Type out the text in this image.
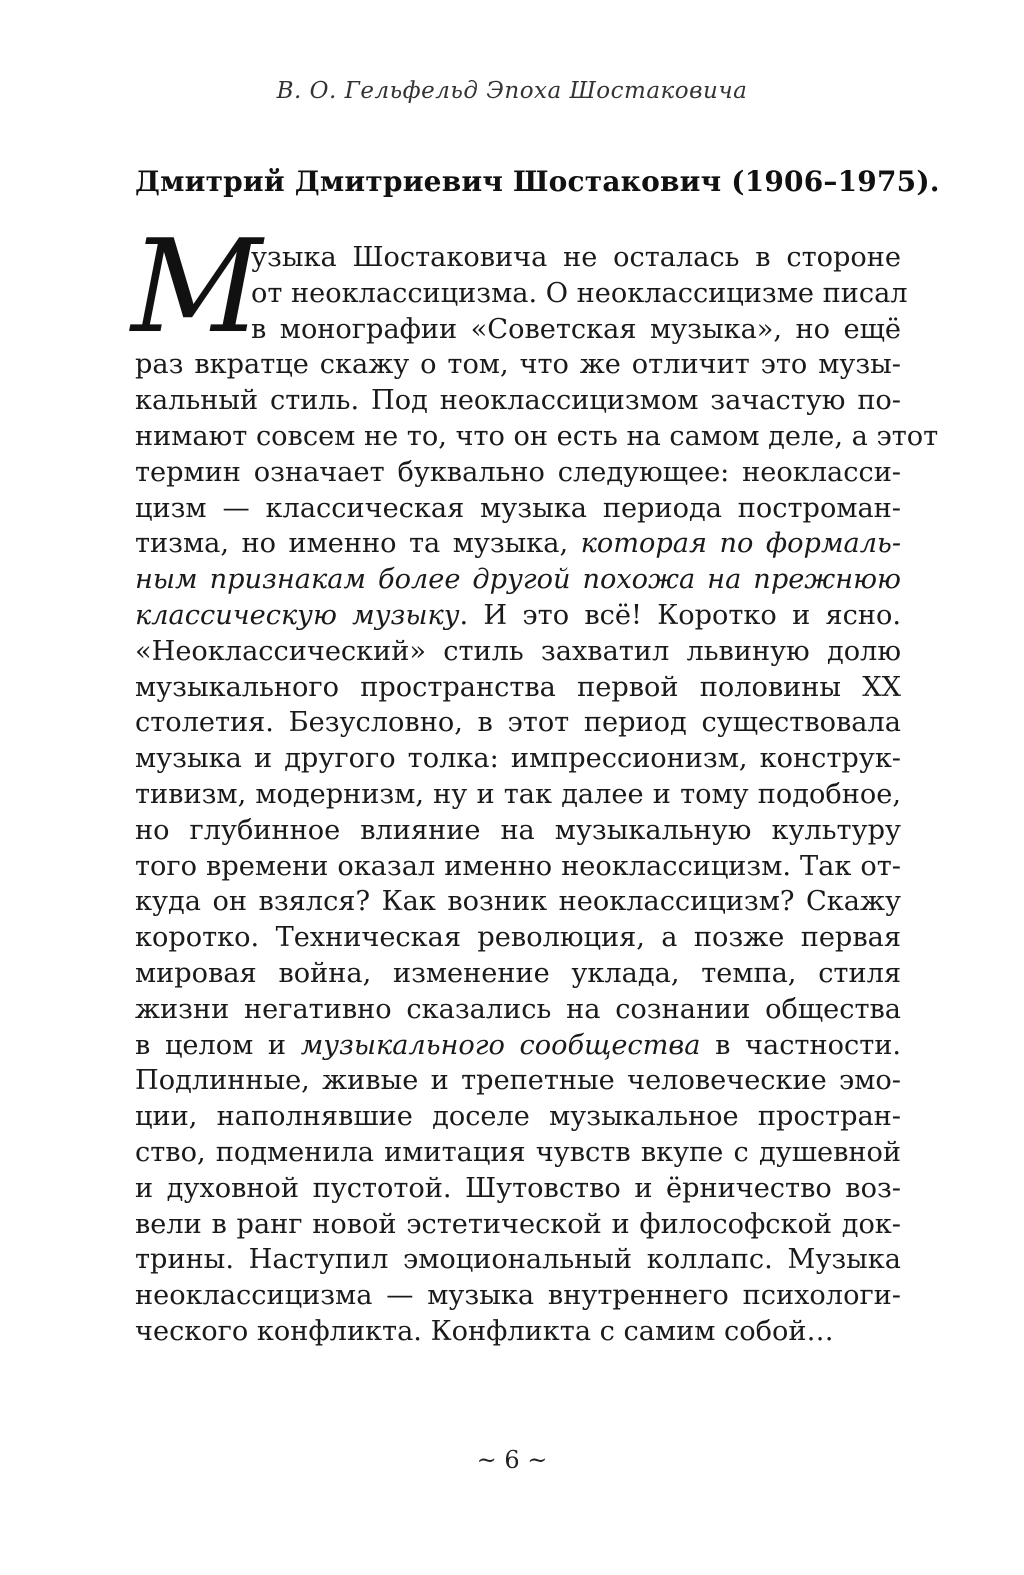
В. О. Гельфельд Эпоха Шостаковича
Дмитрий Дмитриевич Шостакович (1906–1975).
М
узыка Шостаковича не осталась в стороне
от неоклассицизма. О неоклассицизме писал
в монографии «Советская музыка», но ещё
раз вкратце скажу о том, что же отличит это музы-
кальный стиль. Под неоклассицизмом зачастую по-
нимают совсем не то, что он есть на самом деле, а этот
термин означает буквально следующее: неокласси-
цизм — классическая музыка периода построман-
тизма, но именно та музыка, которая по формаль-
ным признакам более другой похожа на прежнюю
классическую музыку. И это всё! Коротко и ясно.
«Неоклассический» стиль захватил львиную долю
музыкального пространства первой половины XX
столетия. Безусловно, в этот период существовала
музыка и другого толка: импрессионизм, конструк-
тивизм, модернизм, ну и так далее и тому подобное,
но глубинное влияние на музыкальную культуру
того времени оказал именно неоклассицизм. Так от-
куда он взялся? Как возник неоклассицизм? Скажу
коротко. Техническая революция, а позже первая
мировая война, изменение уклада, темпа, стиля
жизни негативно сказались на сознании общества
в целом и музыкального сообщества в частности.
Подлинные, живые и трепетные человеческие эмо-
ции, наполнявшие доселе музыкальное простран-
ство, подменила имитация чувств вкупе с душевной
и духовной пустотой. Шутовство и ёрничество воз-
вели в ранг новой эстетической и философской док-
трины. Наступил эмоциональный коллапс. Музыка
неоклассицизма — музыка внутреннего психологи-
ческого конфликта. Конфликта с самим собой…
~ 6 ~
